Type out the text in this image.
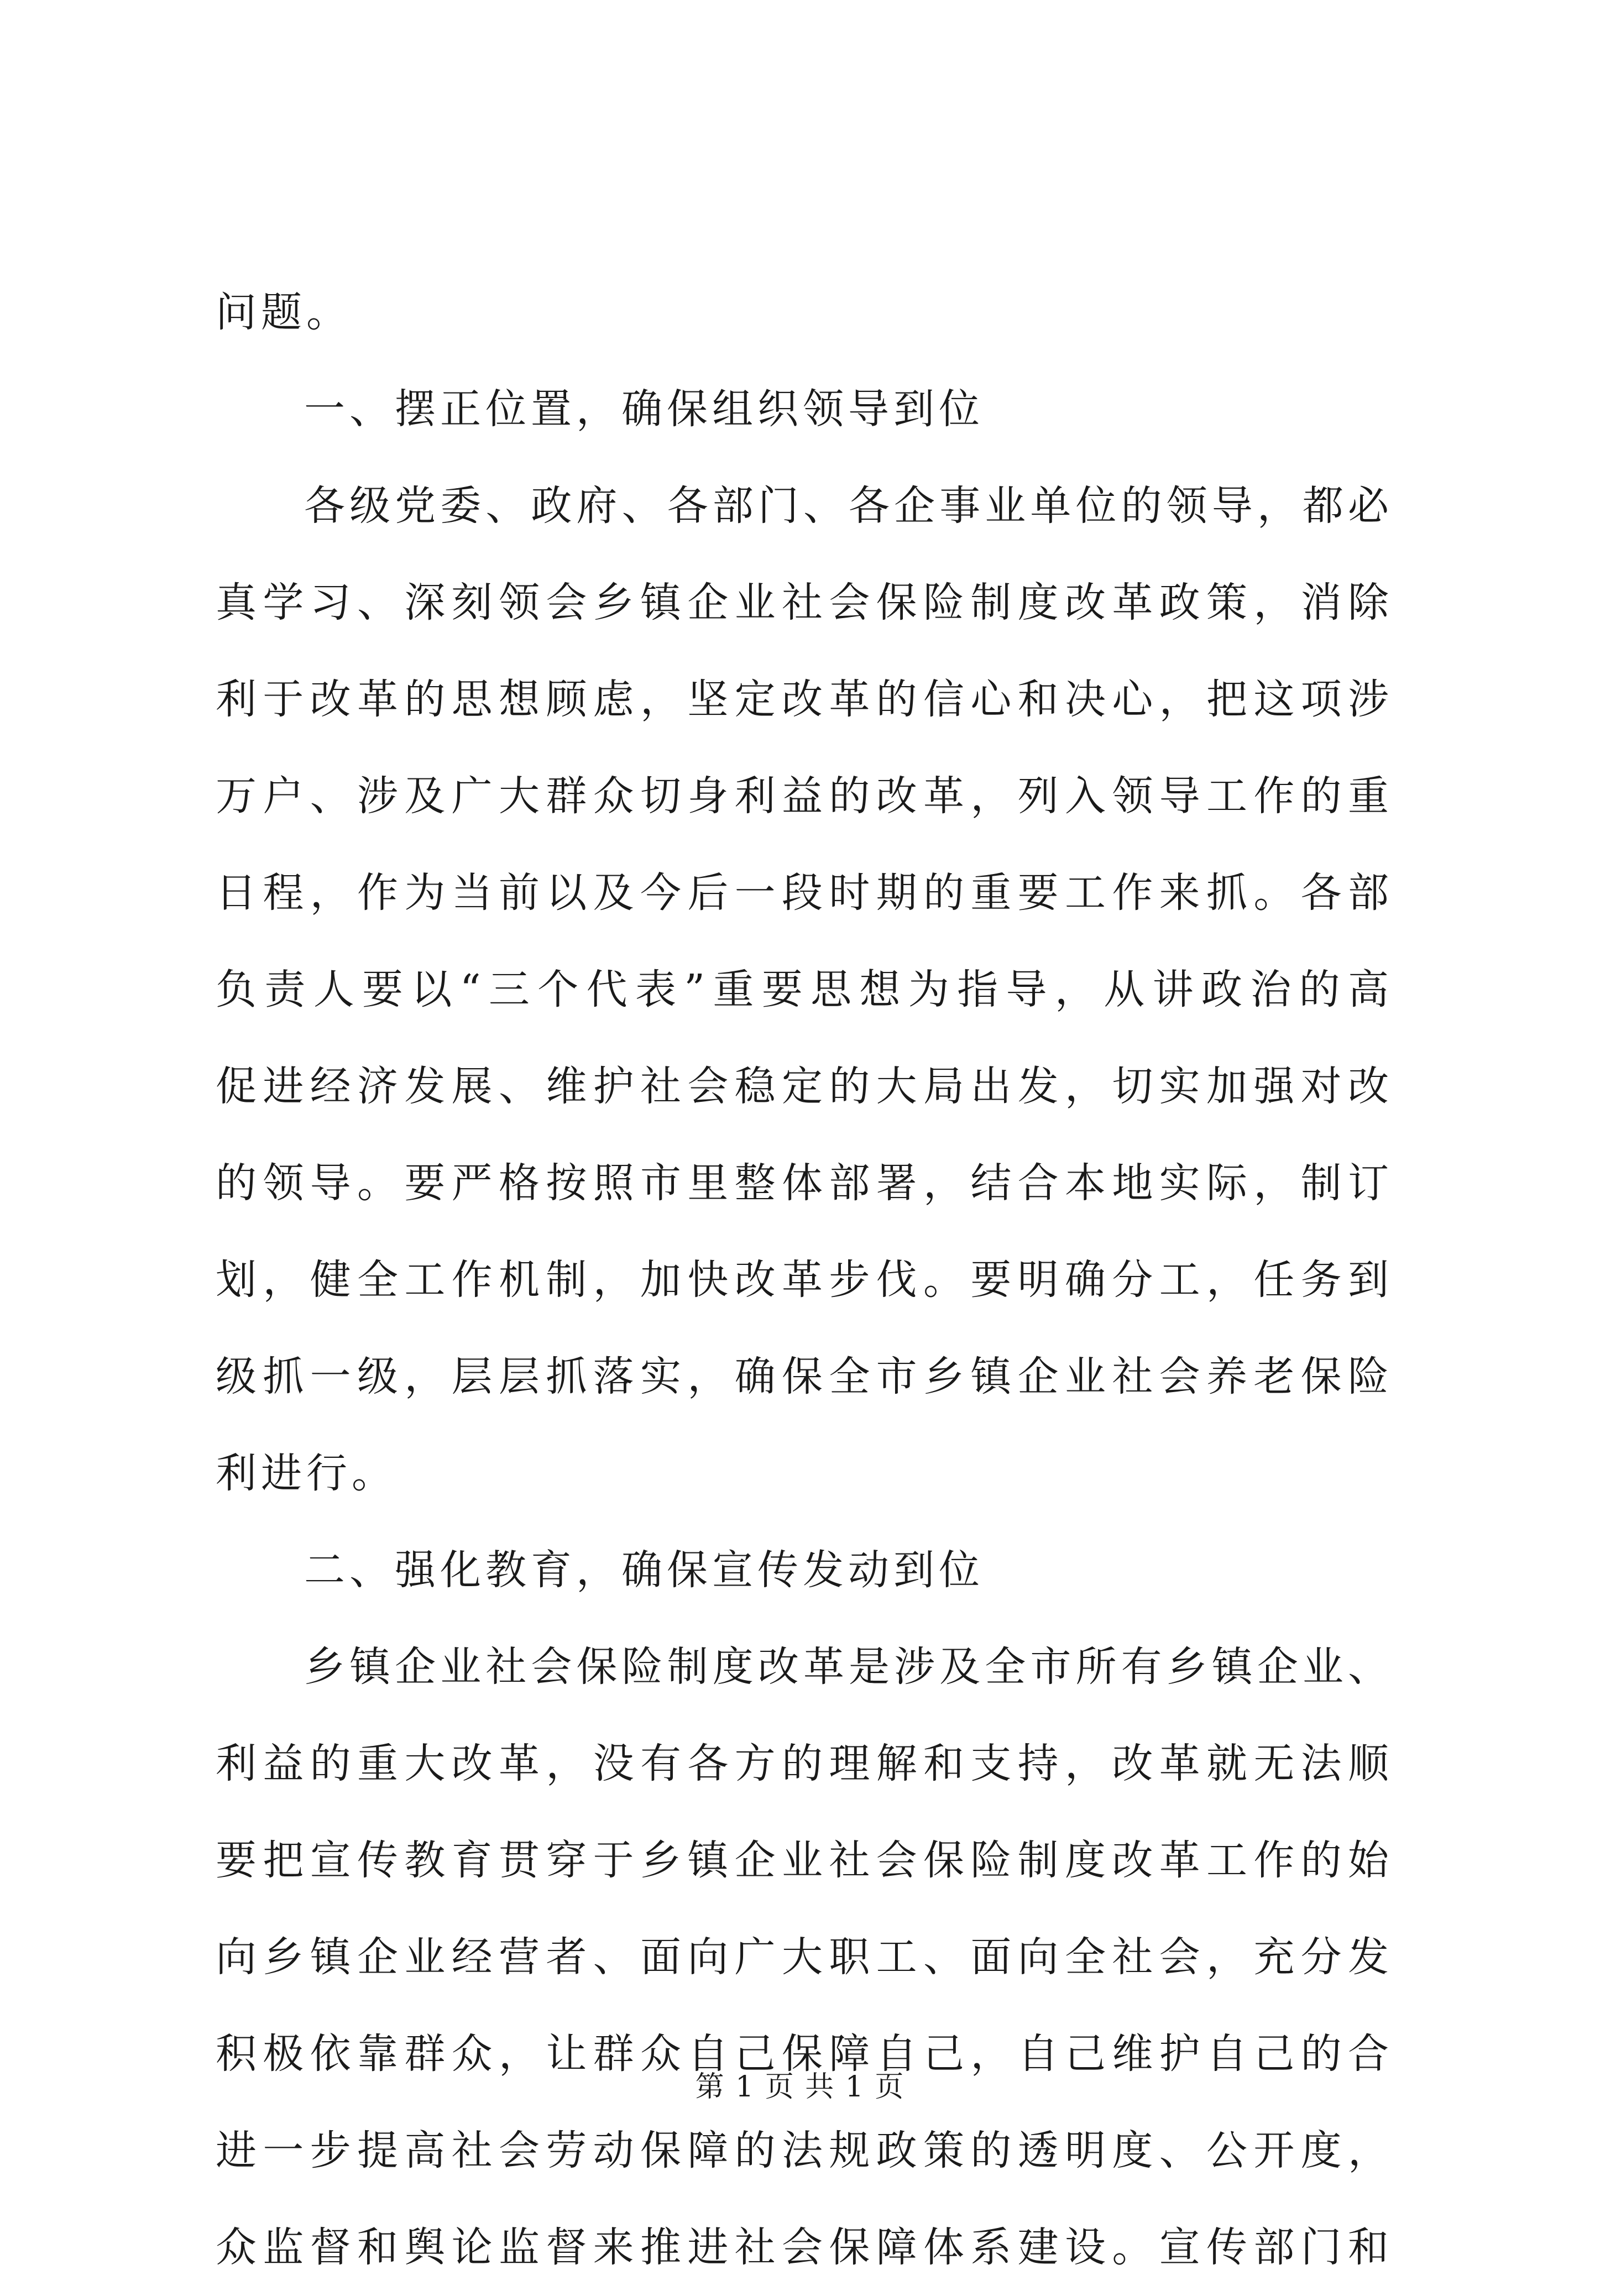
问题。
一、摆正位置，确保组织领导到位
各级党委、政府、各部门、各企事业单位的领导，都必
真学习、深刻领会乡镇企业社会保险制度改革政策，消除
利于改革的思想顾虑，坚定改革的信心和决心，把这项涉
万户、涉及广大群众切身利益的改革，列入领导工作的重
日程，作为当前以及今后一段时期的重要工作来抓。各部
负责人要以“三个代表”重要思想为指导，从讲政治的高
促进经济发展、维护社会稳定的大局出发，切实加强对改
的领导。要严格按照市里整体部署，结合本地实际，制订
划，健全工作机制，加快改革步伐。要明确分工，任务到
级抓一级，层层抓落实，确保全市乡镇企业社会养老保险
利进行。
二、强化教育，确保宣传发动到位
乡镇企业社会保险制度改革是涉及全市所有乡镇企业、
利益的重大改革，没有各方的理解和支持，改革就无法顺
要把宣传教育贯穿于乡镇企业社会保险制度改革工作的始
向乡镇企业经营者、面向广大职工、面向全社会，充分发
积极依靠群众，让群众自己保障自己，自己维护自己的合
进一步提高社会劳动保障的法规政策的透明度、公开度，
众监督和舆论监督来推进社会保障体系建设。宣传部门和
第 1 页 共 1 页
